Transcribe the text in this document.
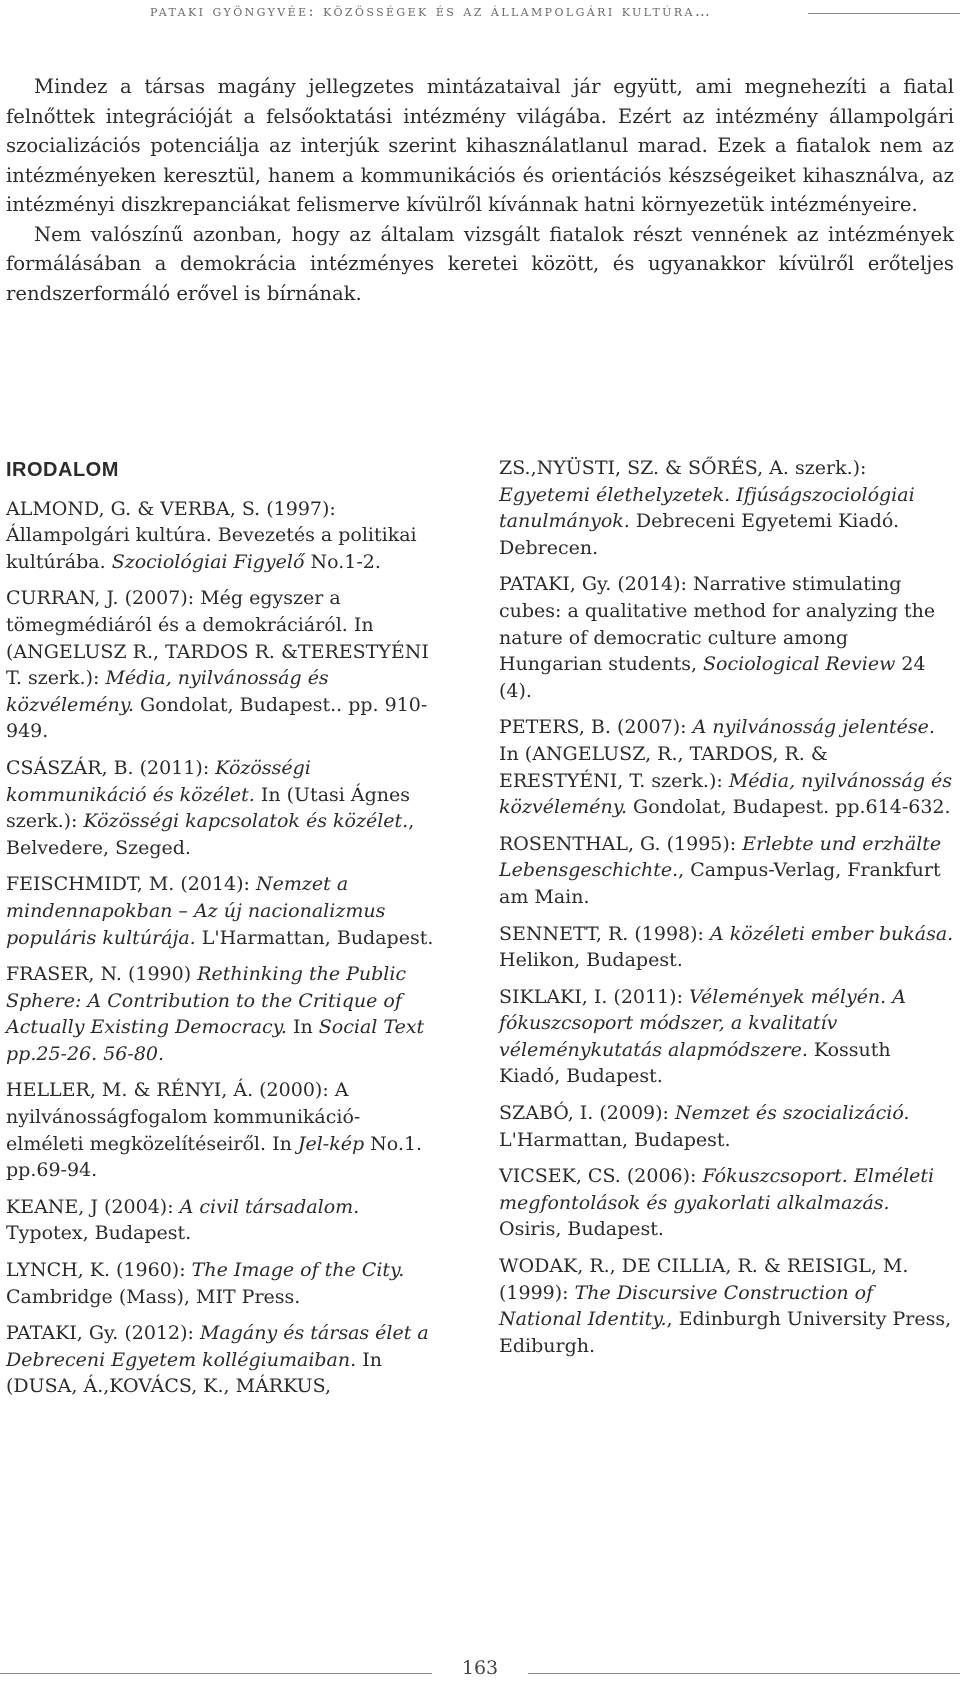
pataki gyöngyvée: közösségek és az állampolgári kultúra…

Mindez a társas magány jellegzetes mintázataival jár együtt, ami megnehezíti a fiatal felnőttek integrációját a felsőoktatási intézmény világába. Ezért az intézmény állampolgári szocializációs potenciálja az interjúk szerint kihasználatlanul marad. Ezek a fiatalok nem az intézményeken keresztül, hanem a kommunikációs és orientációs készségeiket kihasználva, az intézményi diszkrepanciákat felismerve kívülről kívánnak hatni környezetük intézményeire.

Nem valószínű azonban, hogy az általam vizsgált fiatalok részt vennének az intézmények formálásában a demokrácia intézményes keretei között, és ugyanakkor kívülről erőteljes rendszerformáló erővel is bírnának.

IRODALOM

ALMOND, G. & VERBA, S. (1997): Állampolgári kultúra. Bevezetés a politikai kultúrába. Szociológiai Figyelő No.1-2.

CURRAN, J. (2007): Még egyszer a tömegmédiáról és a demokráciáról. In (ANGELUSZ R., TARDOS R. &TERESTYÉNI T. szerk.): Média, nyilvánosság és közvélemény. Gondolat, Budapest.. pp. 910-949.

CSÁSZÁR, B. (2011): Közösségi kommunikáció és közélet. In (Utasi Ágnes szerk.): Közösségi kapcsolatok és közélet., Belvedere, Szeged.

FEISCHMIDT, M. (2014): Nemzet a mindennapokban – Az új nacionalizmus populáris kultúrája. L'Harmattan, Budapest.

FRASER, N. (1990) Rethinking the Public Sphere: A Contribution to the Critique of Actually Existing Democracy. In Social Text pp.25-26. 56-80.

HELLER, M. & RÉNYI, Á. (2000): A nyilvánosságfogalom kommunikáció-elméleti megközelítéseiről. In Jel-kép No.1. pp.69-94.

KEANE, J (2004): A civil társadalom. Typotex, Budapest.

LYNCH, K. (1960): The Image of the City. Cambridge (Mass), MIT Press.

PATAKI, Gy. (2012): Magány és társas élet a Debreceni Egyetem kollégiumaiban. In (DUSA, Á.,KOVÁCS, K., MÁRKUS,

ZS.,NYÜSTI, SZ. & SŐRÉS, A. szerk.): Egyetemi élethelyzetek. Ifjúságszociológiai tanulmányok. Debreceni Egyetemi Kiadó. Debrecen.

PATAKI, Gy. (2014): Narrative stimulating cubes: a qualitative method for analyzing the nature of democratic culture among Hungarian students, Sociological Review 24 (4).

PETERS, B. (2007): A nyilvánosság jelentése. In (ANGELUSZ, R., TARDOS, R. & ERESTYÉNI, T. szerk.): Média, nyilvánosság és közvélemény. Gondolat, Budapest. pp.614-632.

ROSENTHAL, G. (1995): Erlebte und erzhälte Lebensgeschichte., Campus-Verlag, Frankfurt am Main.

SENNETT, R. (1998): A közéleti ember bukása. Helikon, Budapest.

SIKLAKI, I. (2011): Vélemények mélyén. A fókuszcsoport módszer, a kvalitatív véleménykutatás alapmódszere. Kossuth Kiadó, Budapest.

SZABÓ, I. (2009): Nemzet és szocializáció. L'Harmattan, Budapest.

VICSEK, CS. (2006): Fókuszcsoport. Elméleti megfontolások és gyakorlati alkalmazás. Osiris, Budapest.

WODAK, R., DE CILLIA, R. & REISIGL, M. (1999): The Discursive Construction of National Identity., Edinburgh University Press, Ediburgh.

163
